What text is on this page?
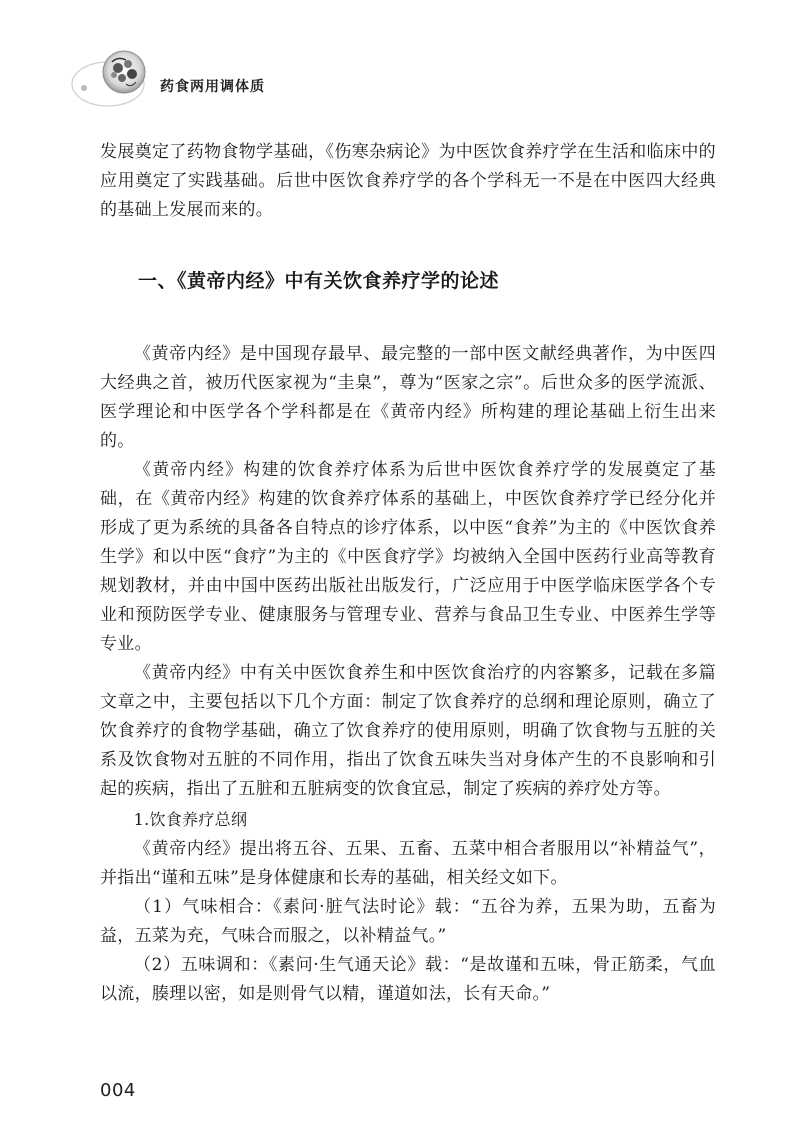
药食两用调体质

发展奠定了药物食物学基础，《伤寒杂病论》为中医饮食养疗学在生活和临床中的应用奠定了实践基础。后世中医饮食养疗学的各个学科无一不是在中医四大经典的基础上发展而来的。

一、《黄帝内经》中有关饮食养疗学的论述

《黄帝内经》是中国现存最早、最完整的一部中医文献经典著作，为中医四大经典之首，被历代医家视为“圭臬”，尊为“医家之宗”。后世众多的医学流派、医学理论和中医学各个学科都是在《黄帝内经》所构建的理论基础上衍生出来的。

《黄帝内经》构建的饮食养疗体系为后世中医饮食养疗学的发展奠定了基础，在《黄帝内经》构建的饮食养疗体系的基础上，中医饮食养疗学已经分化并形成了更为系统的具备各自特点的诊疗体系，以中医“食养”为主的《中医饮食养生学》和以中医“食疗”为主的《中医食疗学》均被纳入全国中医药行业高等教育规划教材，并由中国中医药出版社出版发行，广泛应用于中医学临床医学各个专业和预防医学专业、健康服务与管理专业、营养与食品卫生专业、中医养生学等专业。

《黄帝内经》中有关中医饮食养生和中医饮食治疗的内容繁多，记载在多篇文章之中，主要包括以下几个方面：制定了饮食养疗的总纲和理论原则，确立了饮食养疗的食物学基础，确立了饮食养疗的使用原则，明确了饮食物与五脏的关系及饮食物对五脏的不同作用，指出了饮食五味失当对身体产生的不良影响和引起的疾病，指出了五脏和五脏病变的饮食宜忌，制定了疾病的养疗处方等。

1.饮食养疗总纲

《黄帝内经》提出将五谷、五果、五畜、五菜中相合者服用以“补精益气”，并指出“谨和五味”是身体健康和长寿的基础，相关经文如下。

（1）气味相合：《素问·脏气法时论》载：“五谷为养，五果为助，五畜为益，五菜为充，气味合而服之，以补精益气。”

（2）五味调和：《素问·生气通天论》载：“是故谨和五味，骨正筋柔，气血以流，腠理以密，如是则骨气以精，谨道如法，长有天命。”

004
